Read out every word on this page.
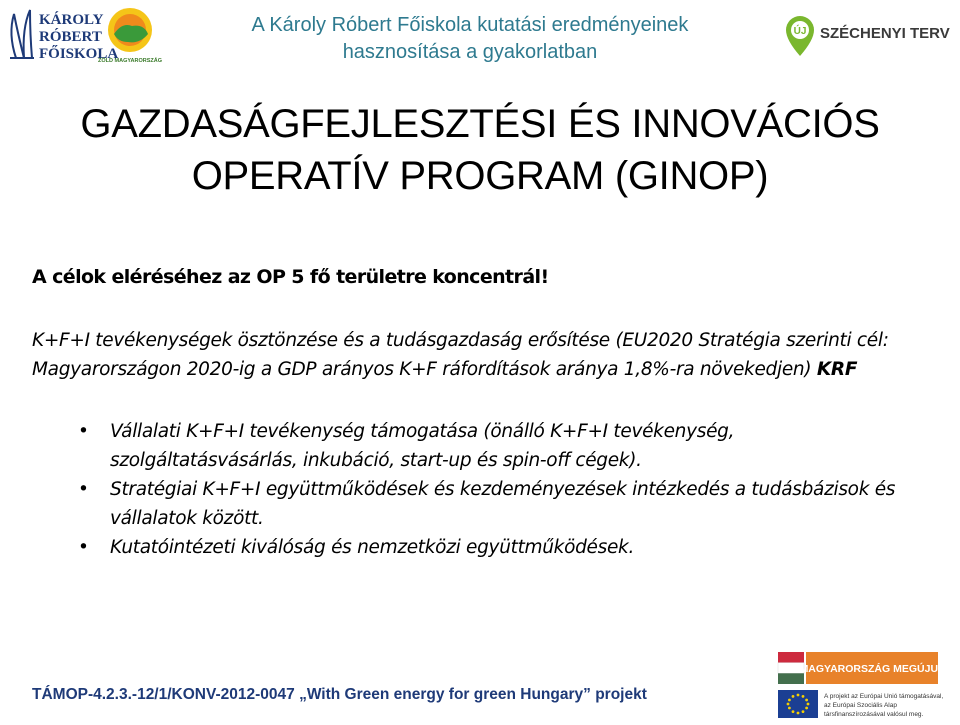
KÁROLY
RÓBERT
FŐISKOLA
ZÖLD MAGYARORSZÁG
A Károly Róbert Főiskola kutatási eredményeinek
hasznosítása a gyakorlatban
ÚJ SZÉCHENYI TERV
GAZDASÁGFEJLESZTÉSI ÉS INNOVÁCIÓS
OPERATÍV PROGRAM (GINOP)
A célok eléréséhez az OP 5 fő területre koncentrál!
K+F+I tevékenységek ösztönzése és a tudásgazdaság erősítése (EU2020 Stratégia szerinti cél: Magyarországon 2020-ig a GDP arányos K+F ráfordítások aránya 1,8%-ra növekedjen) KRF
• Vállalati K+F+I tevékenység támogatása (önálló K+F+I tevékenység, szolgáltatásvásárlás, inkubáció, start-up és spin-off cégek).
• Stratégiai K+F+I együttműködések és kezdeményezések intézkedés a tudásbázisok és vállalatok között.
• Kutatóintézeti kiválóság és nemzetközi együttműködések.
TÁMOP-4.2.3.-12/1/KONV-2012-0047 „With Green energy for green Hungary” projekt
MAGYARORSZÁG MEGÚJUL
A projekt az Európai Unió támogatásával,
az Európai Szociális Alap
társfinanszírozásával valósul meg.
